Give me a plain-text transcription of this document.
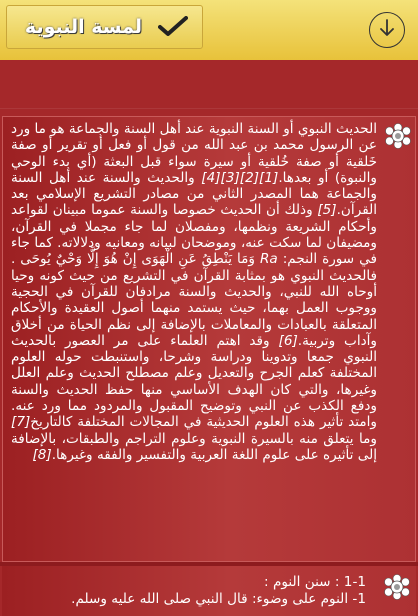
لمسة النبوية
الحديث النبوي أو السنة النبوية عند أهل السنة والجماعة هو ما ورد عن الرسول محمد بن عبد الله من قول أو فعل أو تقرير أو صفة خَلقية أو صفة خُلقية أو سيرة سواء قبل البعثة (أي بدء الوحي والنبوة) أو بعدها.[1][2][3][4] والحديث والسنة عند أهل السنة والجماعة هما المصدر الثاني من مصادر التشريع الإسلامي بعد القرآن.[5] وذلك أن الحديث خصوصا والسنة عموما مبينان لقواعد وأحكام الشريعة ونظمها، ومفصلان لما جاء مجملا في القرآن، ومضيفان لما سكت عنه، وموضحان لبيانه ومعانيه ودلالاته. كما جاء في سورة النجم: Ra وَمَا يَنْطِقُ عَنِ الْهَوَى إِنْ هُوَ إِلَّا وَحْيٌ يُوحَى . فالحديث النبوي هو بمثابة القرآن في التشريع من حيث كونه وحيا أوحاه الله للنبي، والحديث والسنة مرادفان للقرآن في الحجية ووجوب العمل بهما، حيث يستمد منهما أصول العقيدة والأحكام المتعلقة بالعبادات والمعاملات بالإضافة إلى نظم الحياة من أخلاق وآداب وتربية.[6] وقد اهتم العلماء على مر العصور بالحديث النبوي جمعا وتدوينا ودراسة وشرحا، واستنبطت حوله العلوم المختلفة كعلم الجرح والتعديل وعلم مصطلح الحديث وعلم العلل وغيرها، والتي كان الهدف الأساسي منها حفظ الحديث والسنة ودفع الكذب عن النبي وتوضيح المقبول والمردود مما ورد عنه. وامتد تأثير هذه العلوم الحديثية في المجالات المختلفة كالتاريخ[7] وما يتعلق منه بالسيرة النبوية وعلوم التراجم والطبقات، بالإضافة إلى تأثيره على علوم اللغة العربية والتفسير والفقه وغيرها.[8]
1-1 : سنن النوم :
1- النوم على وضوء: قال النبي صلى الله عليه وسلم.
